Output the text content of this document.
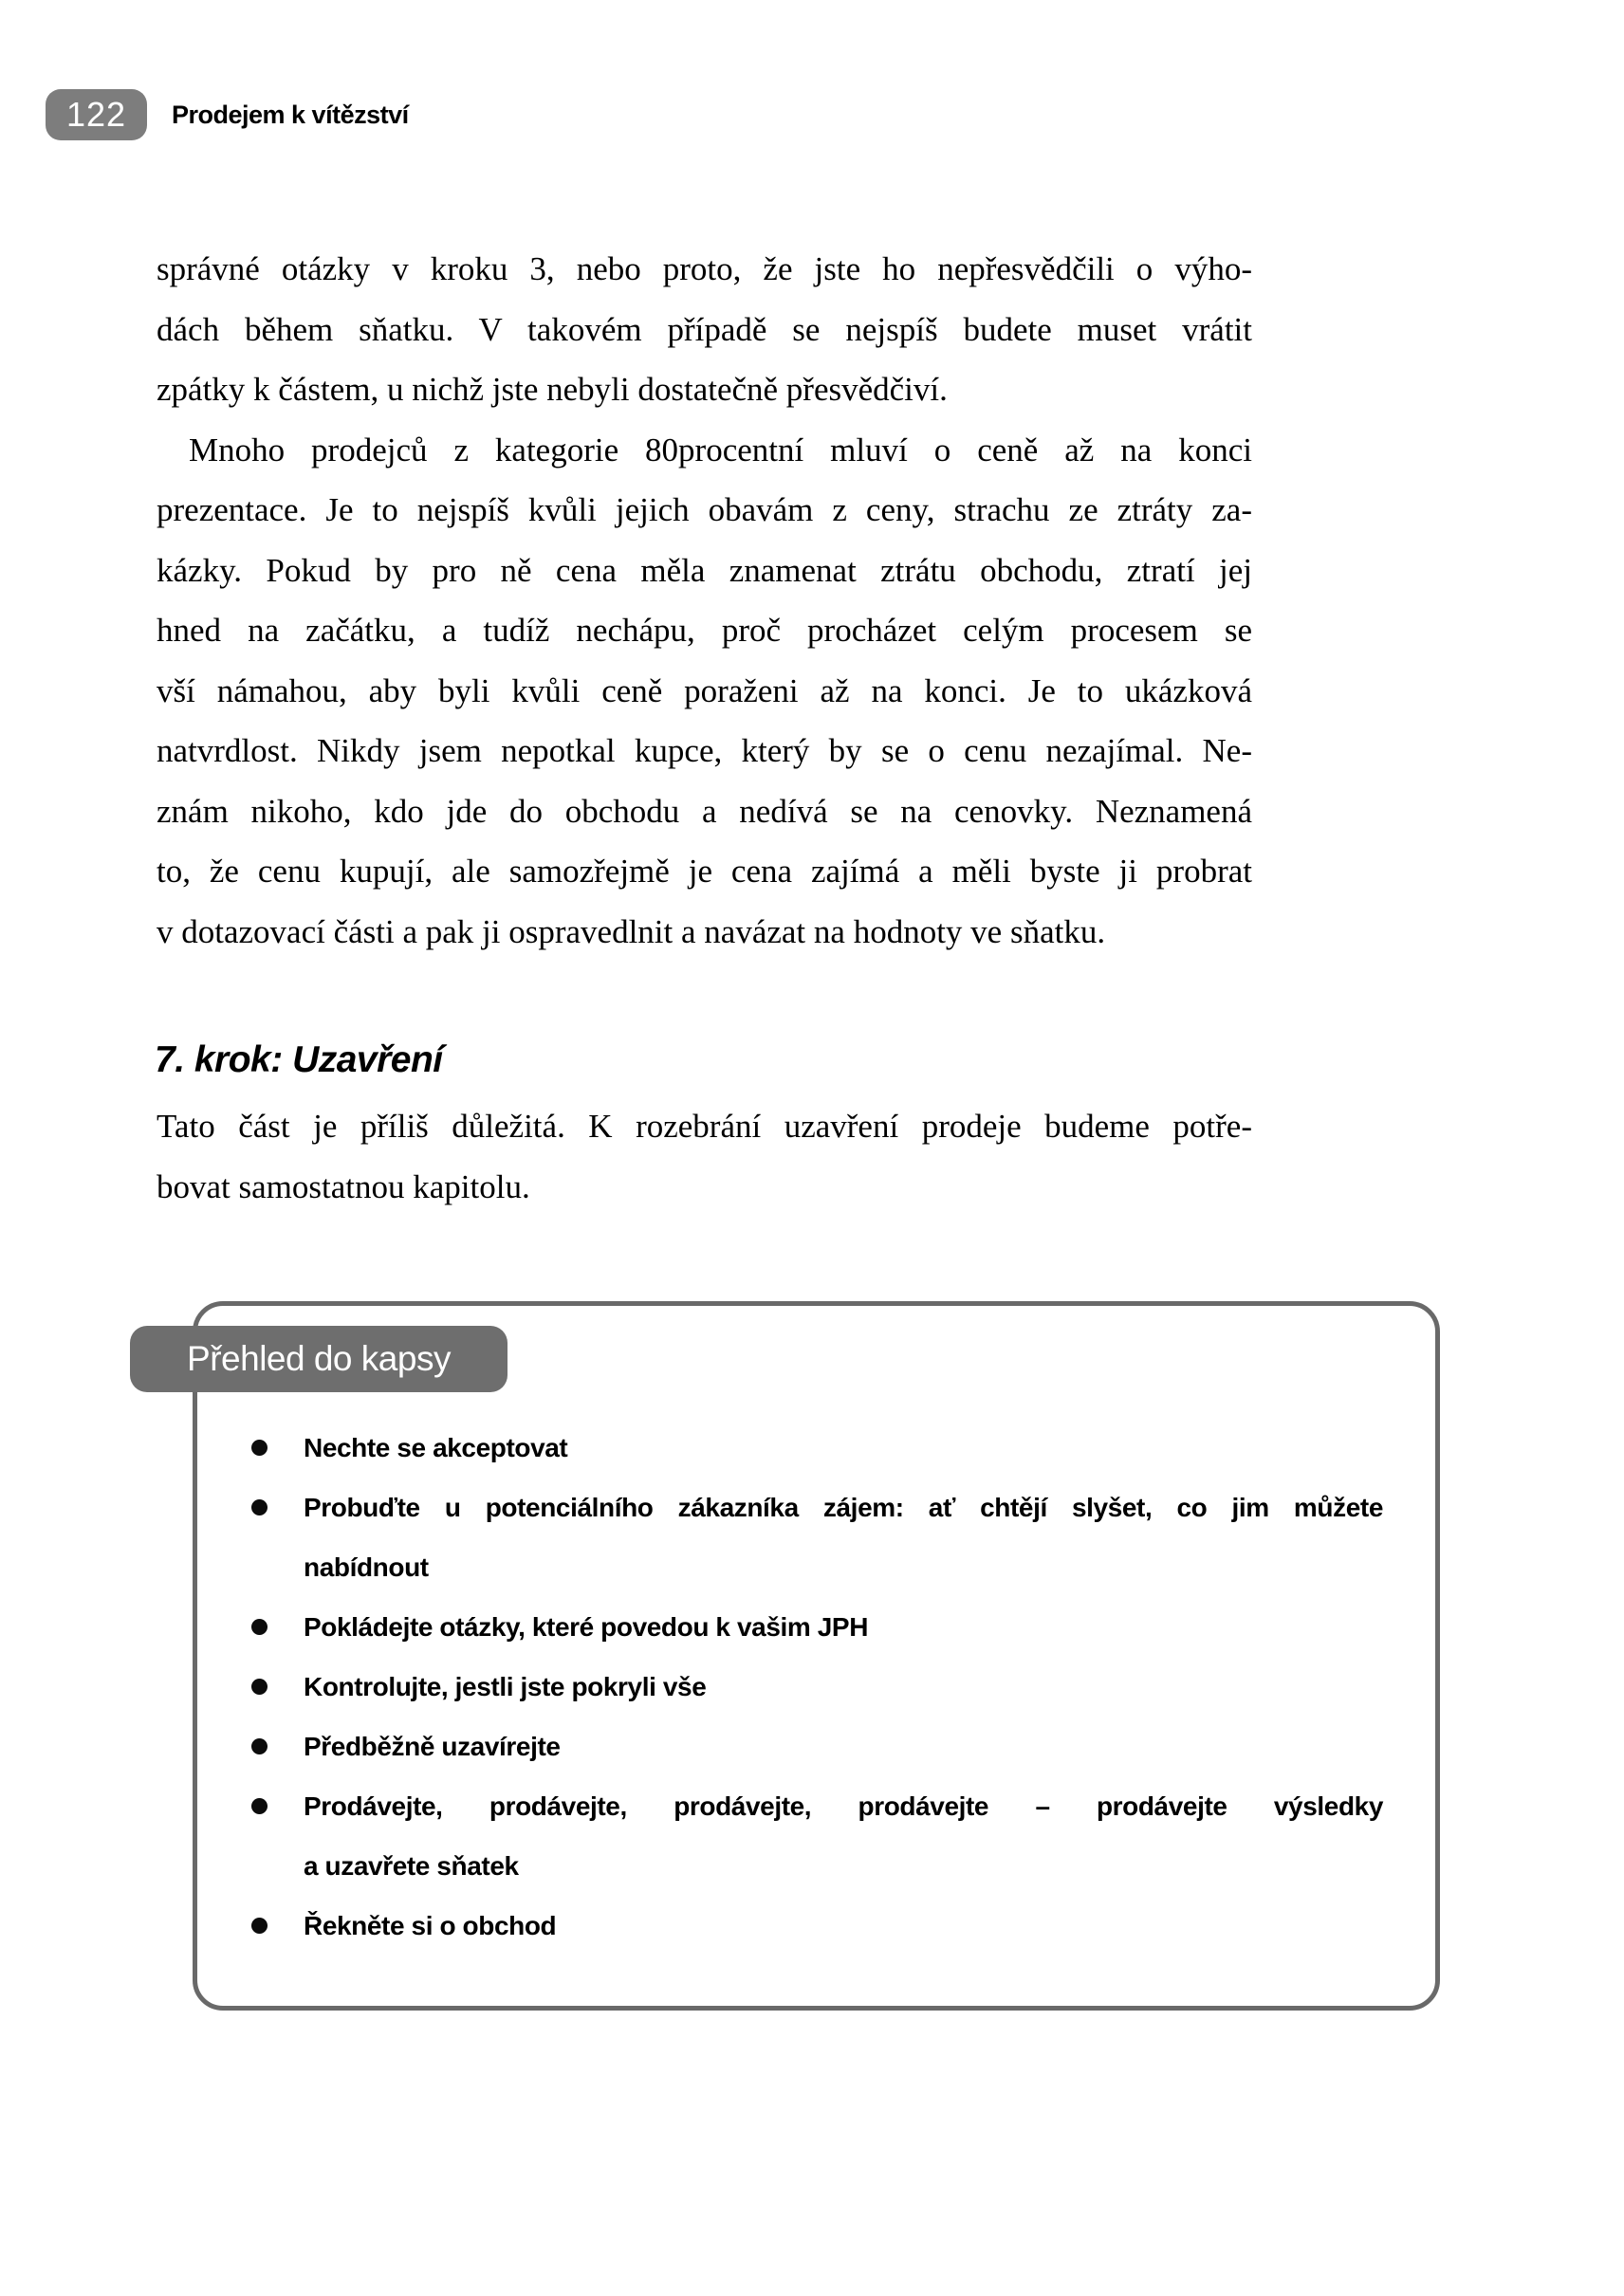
122 Prodejem k vítězství
správné otázky v kroku 3, nebo proto, že jste ho nepřesvědčili o výho-
dách během sňatku. V takovém případě se nejspíš budete muset vrátit
zpátky k částem, u nichž jste nebyli dostatečně přesvědčiví.
Mnoho prodejců z kategorie 80procentní mluví o ceně až na konci
prezentace. Je to nejspíš kvůli jejich obavám z ceny, strachu ze ztráty za-
kázky. Pokud by pro ně cena měla znamenat ztrátu obchodu, ztratí jej
hned na začátku, a tudíž nechápu, proč procházet celým procesem se
vší námahou, aby byli kvůli ceně poraženi až na konci. Je to ukázková
natvrdlost. Nikdy jsem nepotkal kupce, který by se o cenu nezajímal. Ne-
znám nikoho, kdo jde do obchodu a nedívá se na cenovky. Neznamená
to, že cenu kupují, ale samozřejmě je cena zajímá a měli byste ji probrat
v dotazovací části a pak ji ospravedlnit a navázat na hodnoty ve sňatku.
7. krok: Uzavření
Tato část je příliš důležitá. K rozebrání uzavření prodeje budeme potře-
bovat samostatnou kapitolu.
Nechte se akceptovat
Probuďte u potenciálního zákazníka zájem: ať chtějí slyšet, co jim můžete
nabídnout
Pokládejte otázky, které povedou k vašim JPH
Kontrolujte, jestli jste pokryli vše
Předběžně uzavírejte
Prodávejte, prodávejte, prodávejte, prodávejte – prodávejte výsledky
a uzavřete sňatek
Řekněte si o obchod
Přehled do kapsy
